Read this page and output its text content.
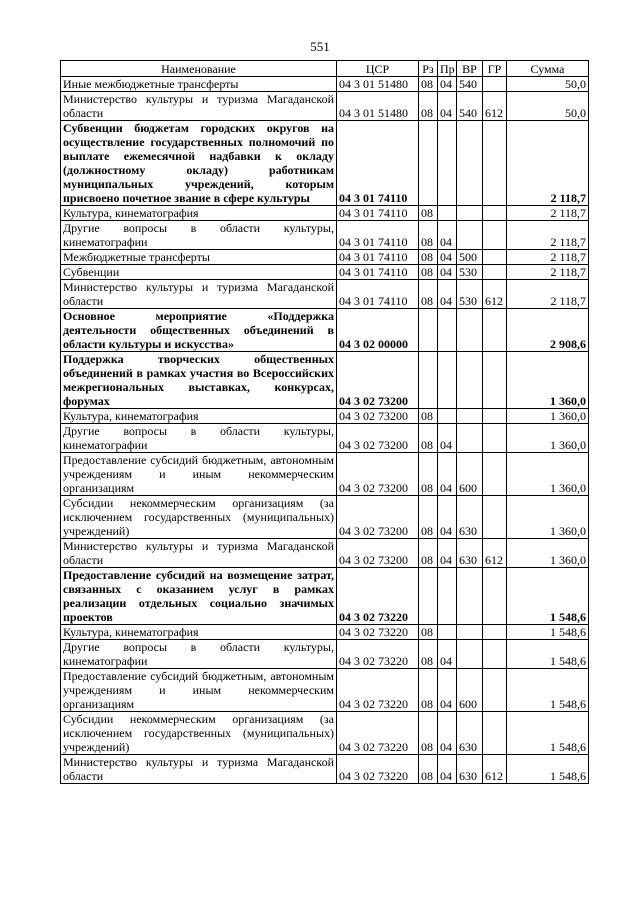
551
Наименование	ЦСР	Рз	Пр	ВР	ГР	Сумма
Иные межбюджетные трансферты	04 3 01 51480	08	04	540		50,0
Министерство культуры и туризма Магаданской области	04 3 01 51480	08	04	540	612	50,0
Субвенции бюджетам городских округов на осуществление государственных полномочий по выплате ежемесячной надбавки к окладу (должностному окладу) работникам муниципальных учреждений, которым присвоено почетное звание в сфере культуры	04 3 01 74110					2 118,7
Культура, кинематография	04 3 01 74110	08				2 118,7
Другие вопросы в области культуры, кинематографии	04 3 01 74110	08	04			2 118,7
Межбюджетные трансферты	04 3 01 74110	08	04	500		2 118,7
Субвенции	04 3 01 74110	08	04	530		2 118,7
Министерство культуры и туризма Магаданской области	04 3 01 74110	08	04	530	612	2 118,7
Основное мероприятие «Поддержка деятельности общественных объединений в области культуры и искусства»	04 3 02 00000					2 908,6
Поддержка творческих общественных объединений в рамках участия во Всероссийских межрегиональных выставках, конкурсах, форумах	04 3 02 73200					1 360,0
Культура, кинематография	04 3 02 73200	08				1 360,0
Другие вопросы в области культуры, кинематографии	04 3 02 73200	08	04			1 360,0
Предоставление субсидий бюджетным, автономным учреждениям и иным некоммерческим организациям	04 3 02 73200	08	04	600		1 360,0
Субсидии некоммерческим организациям (за исключением государственных (муниципальных) учреждений)	04 3 02 73200	08	04	630		1 360,0
Министерство культуры и туризма Магаданской области	04 3 02 73200	08	04	630	612	1 360,0
Предоставление субсидий на возмещение затрат, связанных с оказанием услуг в рамках реализации отдельных социально значимых проектов	04 3 02 73220					1 548,6
Культура, кинематография	04 3 02 73220	08				1 548,6
Другие вопросы в области культуры, кинематографии	04 3 02 73220	08	04			1 548,6
Предоставление субсидий бюджетным, автономным учреждениям и иным некоммерческим организациям	04 3 02 73220	08	04	600		1 548,6
Субсидии некоммерческим организациям (за исключением государственных (муниципальных) учреждений)	04 3 02 73220	08	04	630		1 548,6
Министерство культуры и туризма Магаданской области	04 3 02 73220	08	04	630	612	1 548,6
